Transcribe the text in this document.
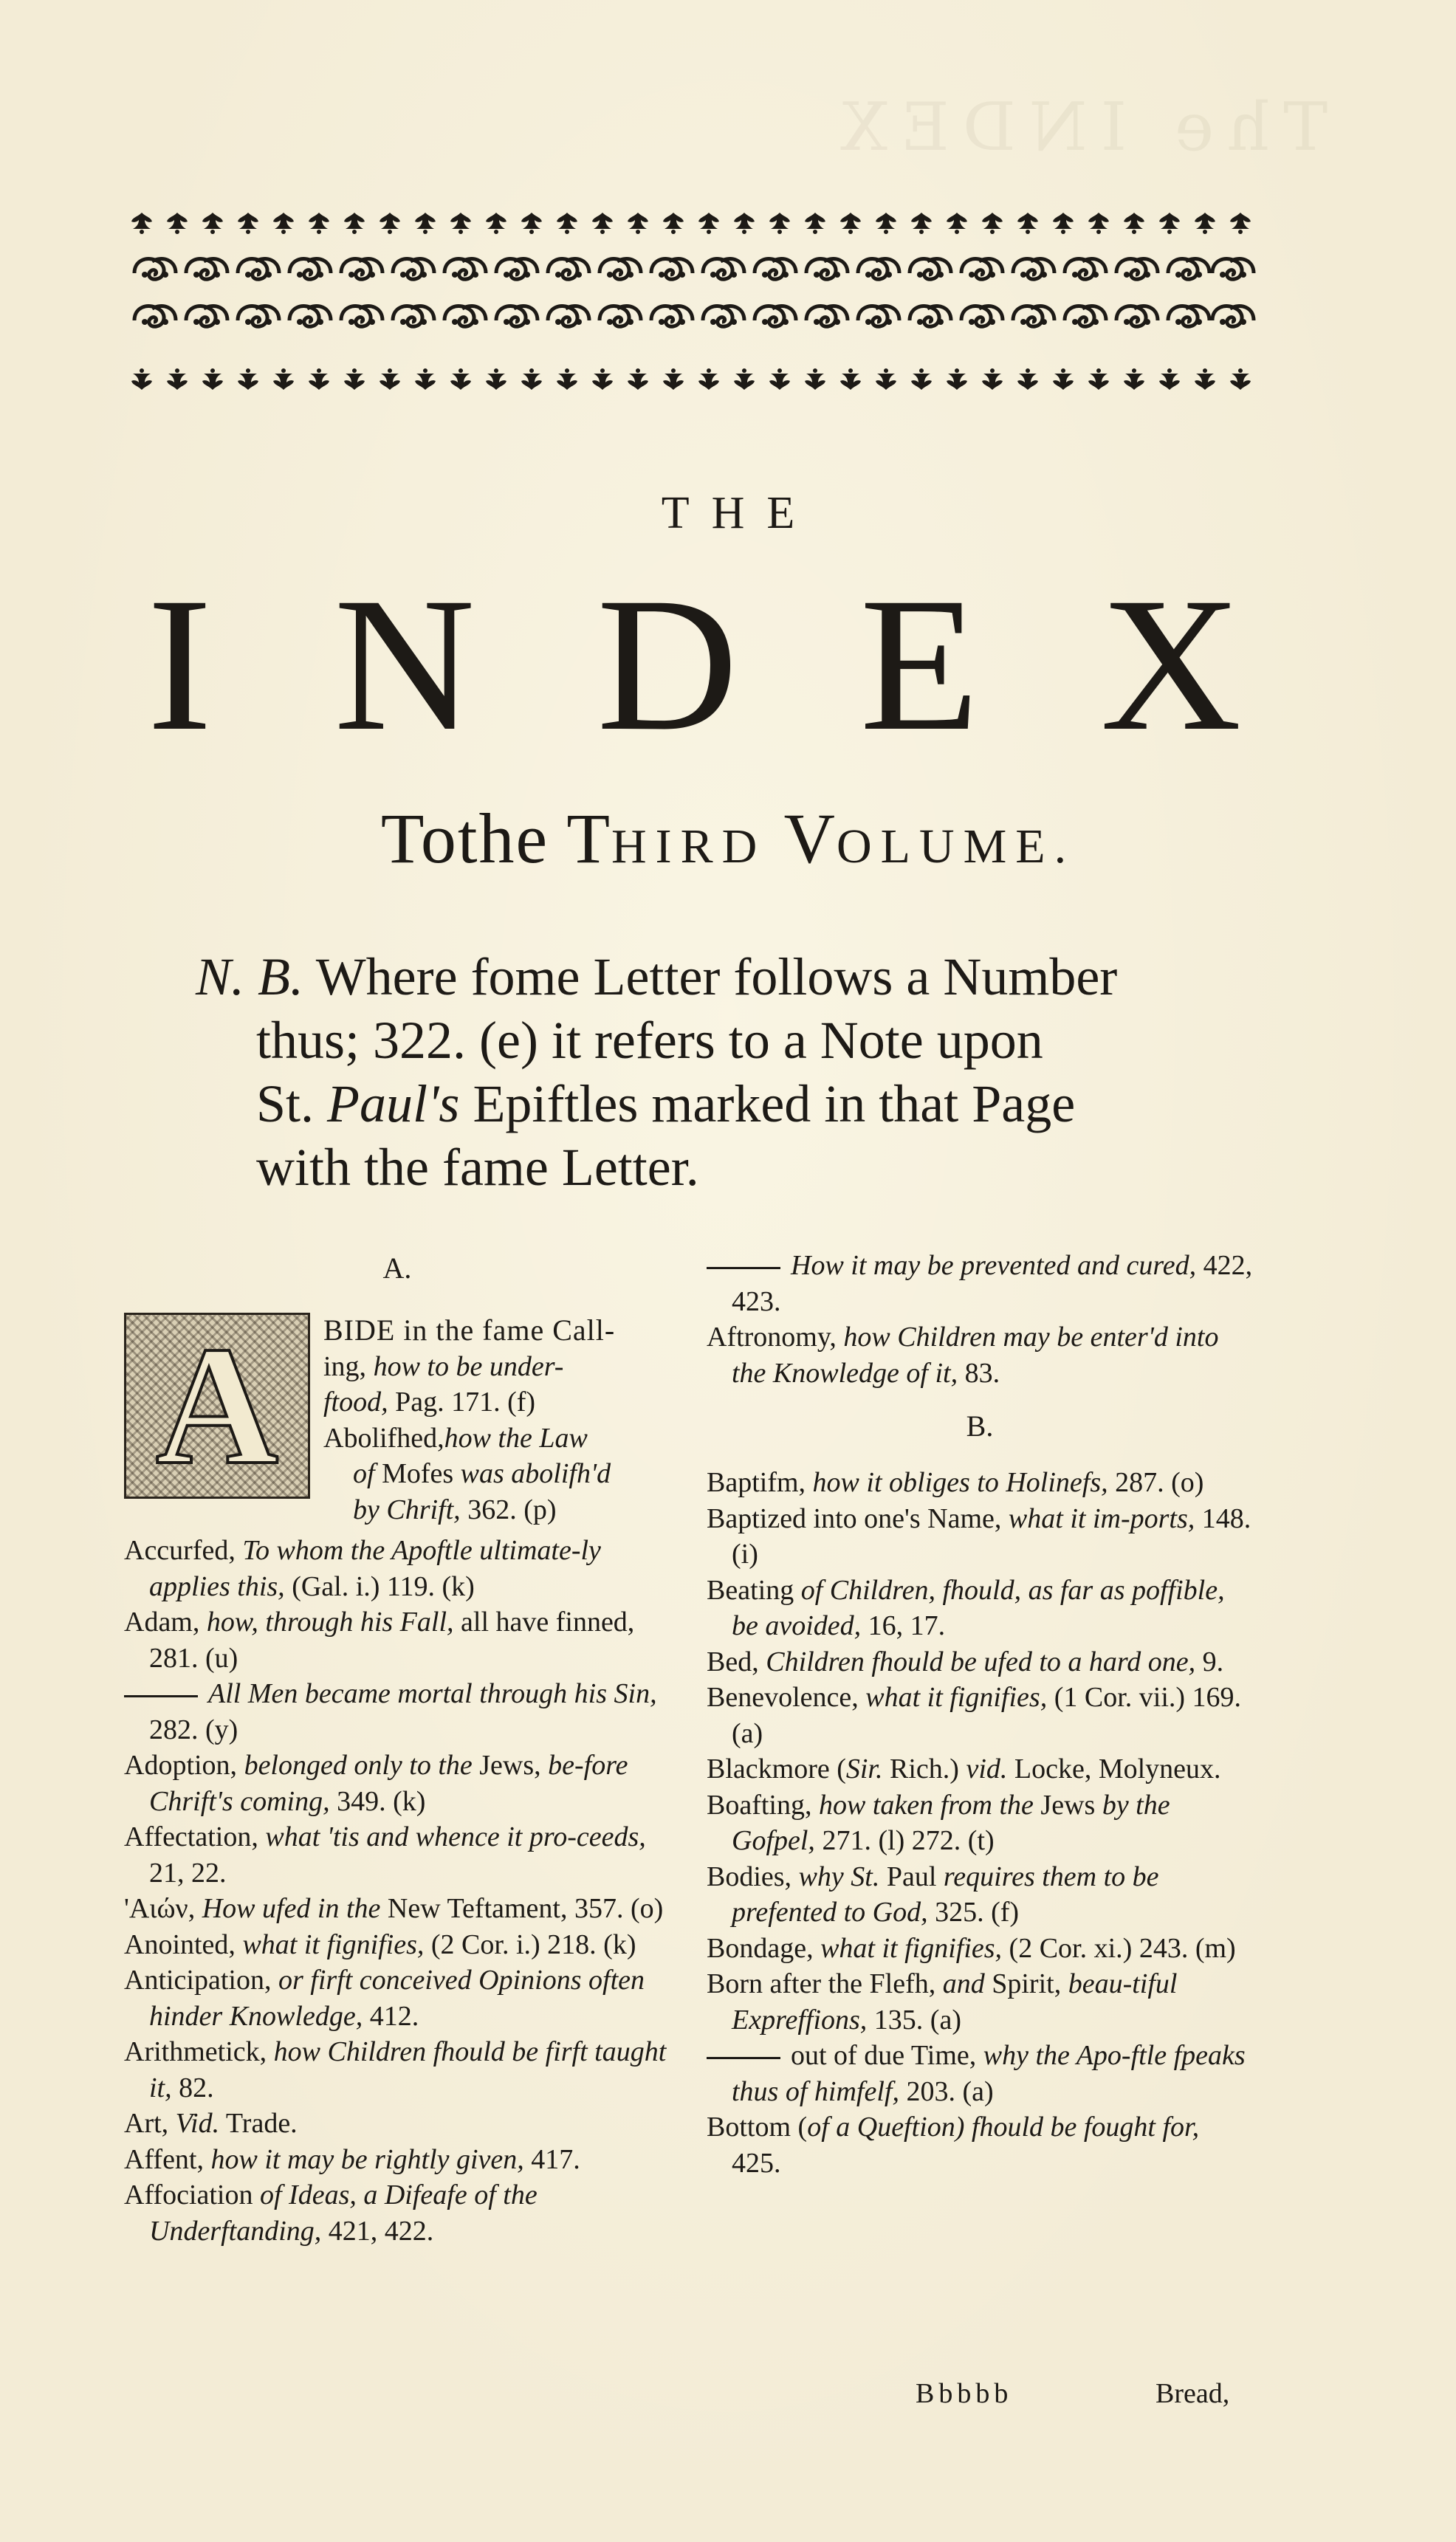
The INDEX
THE
I N D E X
Tothe THIRD VOLUME.
N. B. Where fome Letter follows a Number
thus; 322. (e) it refers to a Note upon
St. Paul's Epiftles marked in that Page
with the fame Letter.
A.
A BIDE in the fame Call-

ing, how to be under-

ftood, Pag. 171. (f)

Abolifhed,how the Law

of Mofes was abolifh'd

by Chrift, 362. (p)

Accurfed, To whom the Apoftle ultimate-ly applies this, (Gal. i.) 119. (k)

Adam, how, through his Fall, all have finned, 281. (u)

All Men became mortal through his Sin, 282. (y)

Adoption, belonged only to the Jews, be-fore Chrift's coming, 349. (k)

Affectation, what 'tis and whence it pro-ceeds, 21, 22.

'Αιών, How ufed in the New Teftament, 357. (o)

Anointed, what it fignifies, (2 Cor. i.) 218. (k)

Anticipation, or firft conceived Opinions often hinder Knowledge, 412.

Arithmetick, how Children fhould be firft taught it, 82.

Art, Vid. Trade.

Affent, how it may be rightly given, 417.

Affociation of Ideas, a Difeafe of the Underftanding, 421, 422.

How it may be prevented and cured, 422, 423.

Aftronomy, how Children may be enter'd into the Knowledge of it, 83.

B.

Baptifm, how it obliges to Holinefs, 287. (o)

Baptized into one's Name, what it im-ports, 148. (i)

Beating of Children, fhould, as far as poffible, be avoided, 16, 17.

Bed, Children fhould be ufed to a hard one, 9.

Benevolence, what it fignifies, (1 Cor. vii.) 169. (a)

Blackmore (Sir. Rich.) vid. Locke, Molyneux.

Boafting, how taken from the Jews by the Gofpel, 271. (l) 272. (t)

Bodies, why St. Paul requires them to be prefented to God, 325. (f)

Bondage, what it fignifies, (2 Cor. xi.) 243. (m)

Born after the Flefh, and Spirit, beau-tiful Expreffions, 135. (a)

out of due Time, why the Apo-ftle fpeaks thus of himfelf, 203. (a)

Bottom (of a Queftion) fhould be fought for, 425.

Bbbbb	Bread,
